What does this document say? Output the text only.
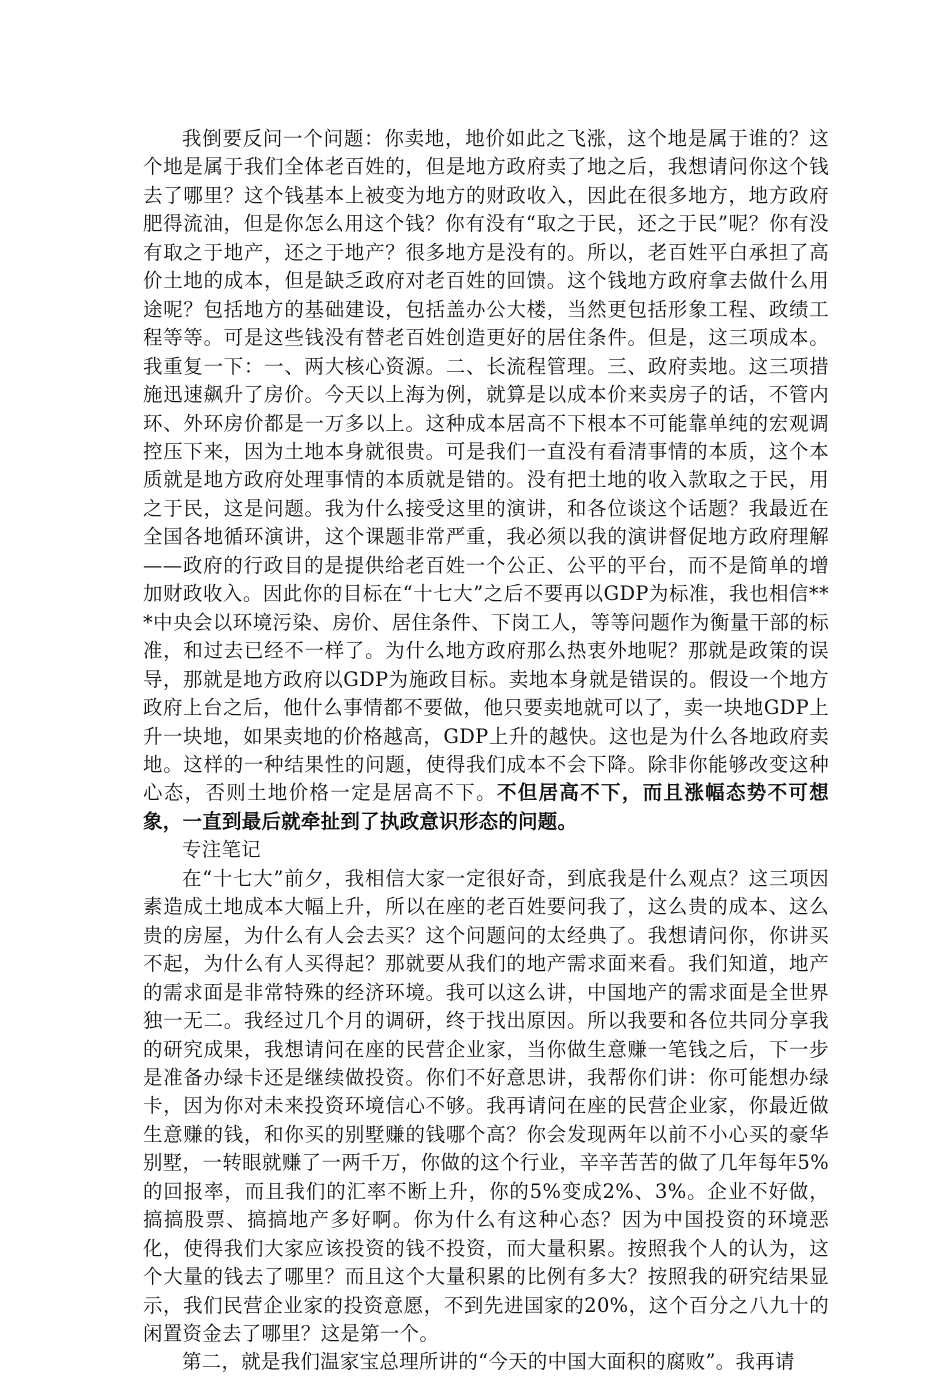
我倒要反问一个问题：你卖地，地价如此之飞涨，这个地是属于谁的？这个地是属于我们全体老百姓的，但是地方政府卖了地之后，我想请问你这个钱去了哪里？这个钱基本上被变为地方的财政收入，因此在很多地方，地方政府肥得流油，但是你怎么用这个钱？你有没有“取之于民，还之于民”呢？你有没有取之于地产，还之于地产？很多地方是没有的。所以，老百姓平白承担了高价土地的成本，但是缺乏政府对老百姓的回馈。这个钱地方政府拿去做什么用途呢？包括地方的基础建设，包括盖办公大楼，当然更包括形象工程、政绩工程等等。可是这些钱没有替老百姓创造更好的居住条件。但是，这三项成本。我重复一下：一、两大核心资源。二、长流程管理。三、政府卖地。这三项措施迅速飙升了房价。今天以上海为例，就算是以成本价来卖房子的话，不管内环、外环房价都是一万多以上。这种成本居高不下根本不可能靠单纯的宏观调控压下来，因为土地本身就很贵。可是我们一直没有看清事情的本质，这个本质就是地方政府处理事情的本质就是错的。没有把土地的收入款取之于民，用之于民，这是问题。我为什么接受这里的演讲，和各位谈这个话题？我最近在全国各地循环演讲，这个课题非常严重，我必须以我的演讲督促地方政府理解——政府的行政目的是提供给老百姓一个公正、公平的平台，而不是简单的增加财政收入。因此你的目标在“十七大”之后不要再以GDP为标准，我也相信***中央会以环境污染、房价、居住条件、下岗工人，等等问题作为衡量干部的标准，和过去已经不一样了。为什么地方政府那么热衷外地呢？那就是政策的误导，那就是地方政府以GDP为施政目标。卖地本身就是错误的。假设一个地方政府上台之后，他什么事情都不要做，他只要卖地就可以了，卖一块地GDP上升一块地，如果卖地的价格越高，GDP上升的越快。这也是为什么各地政府卖地。这样的一种结果性的问题，使得我们成本不会下降。除非你能够改变这种心态，否则土地价格一定是居高不下。不但居高不下，而且涨幅态势不可想象，一直到最后就牵扯到了执政意识形态的问题。

专注笔记

在“十七大”前夕，我相信大家一定很好奇，到底我是什么观点？这三项因素造成土地成本大幅上升，所以在座的老百姓要问我了，这么贵的成本、这么贵的房屋，为什么有人会去买？这个问题问的太经典了。我想请问你，你讲买不起，为什么有人买得起？那就要从我们的地产需求面来看。我们知道，地产的需求面是非常特殊的经济环境。我可以这么讲，中国地产的需求面是全世界独一无二。我经过几个月的调研，终于找出原因。所以我要和各位共同分享我的研究成果，我想请问在座的民营企业家，当你做生意赚一笔钱之后，下一步是准备办绿卡还是继续做投资。你们不好意思讲，我帮你们讲：你可能想办绿卡，因为你对未来投资环境信心不够。我再请问在座的民营企业家，你最近做生意赚的钱，和你买的别墅赚的钱哪个高？你会发现两年以前不小心买的豪华别墅，一转眼就赚了一两千万，你做的这个行业，辛辛苦苦的做了几年每年5%的回报率，而且我们的汇率不断上升，你的5%变成2%、3%。企业不好做，搞搞股票、搞搞地产多好啊。你为什么有这种心态？因为中国投资的环境恶化，使得我们大家应该投资的钱不投资，而大量积累。按照我个人的认为，这个大量的钱去了哪里？而且这个大量积累的比例有多大？按照我的研究结果显示，我们民营企业家的投资意愿，不到先进国家的20%，这个百分之八九十的闲置资金去了哪里？这是第一个。

第二，就是我们温家宝总理所讲的“今天的中国大面积的腐败”。我再请
